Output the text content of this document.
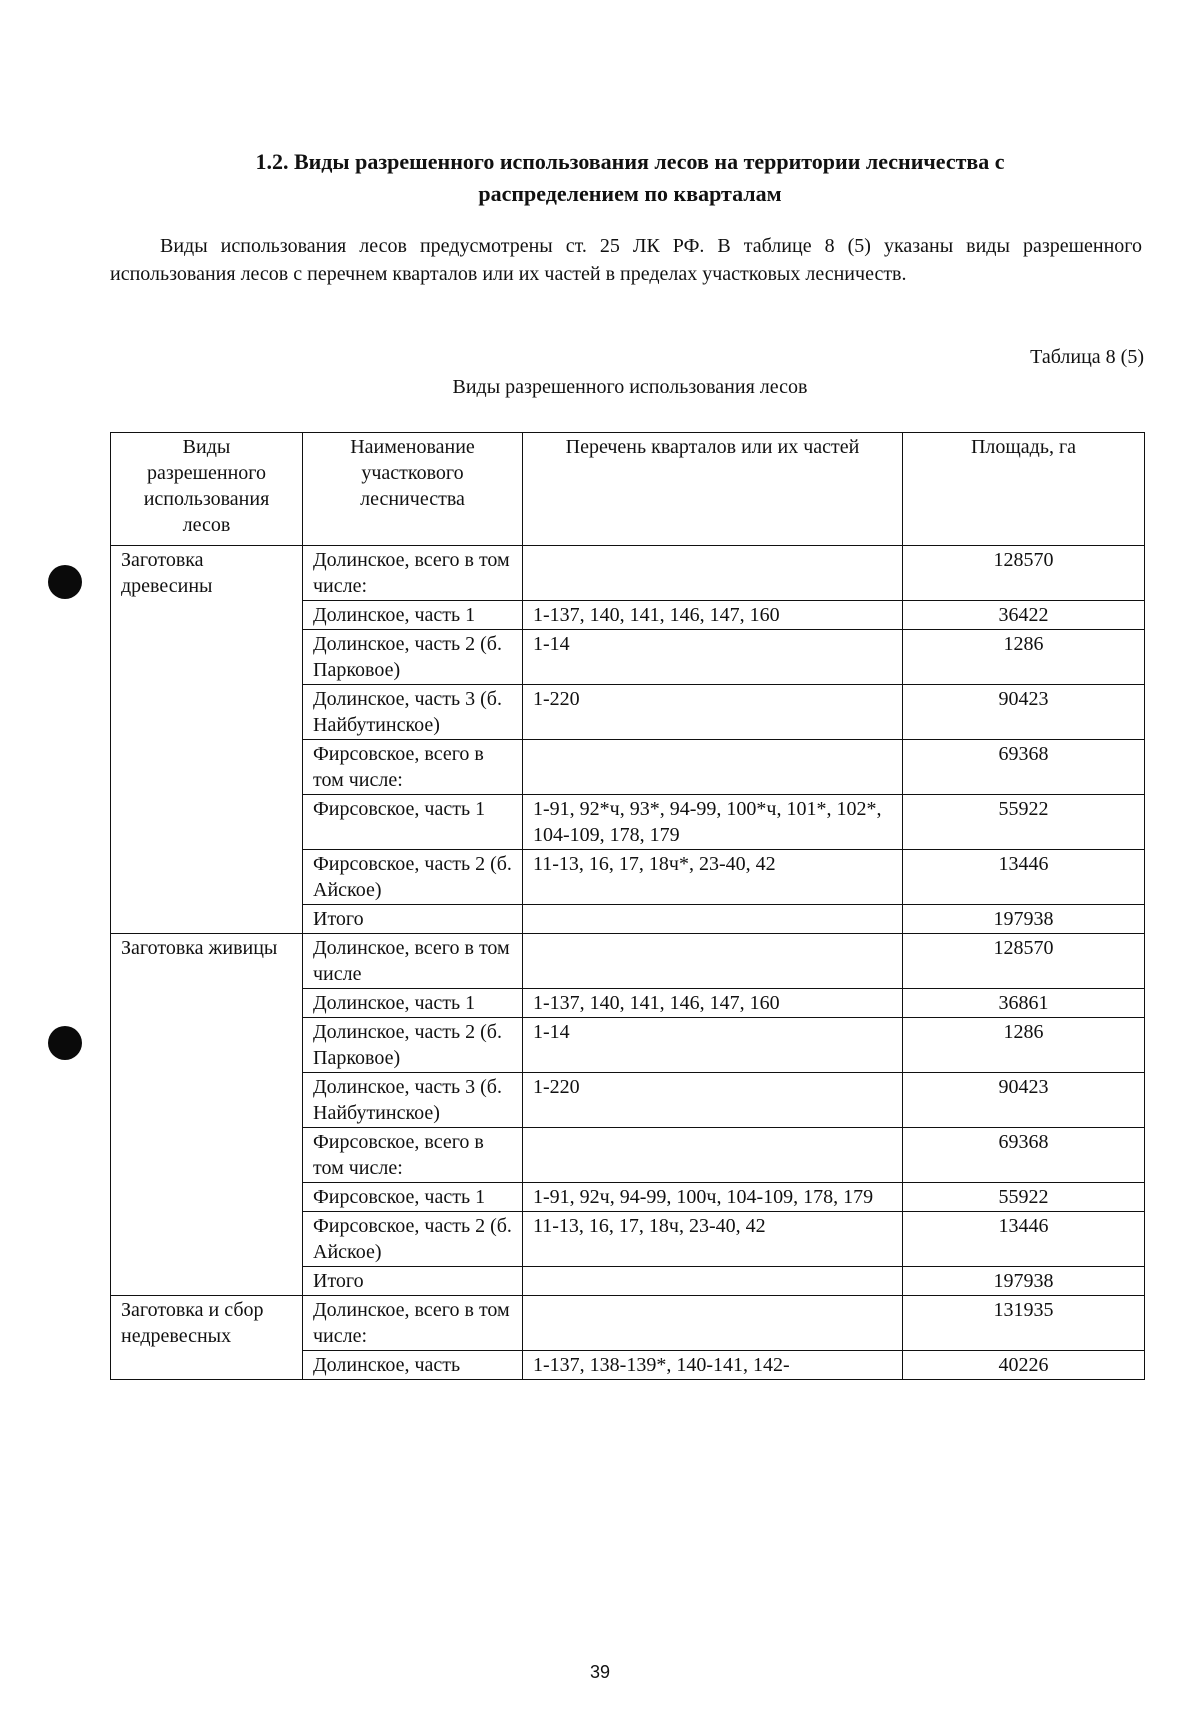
1.2. Виды разрешенного использования лесов на территории лесничества с
распределением по кварталам
Виды использования лесов предусмотрены ст. 25 ЛК РФ. В таблице 8 (5) указаны виды разрешенного использования лесов с перечнем кварталов или их частей в пределах участковых лесничеств.
Таблица 8 (5)
Виды разрешенного использования лесов
Виды разрешенного использования лесов	Наименование участкового лесничества	Перечень кварталов или их частей	Площадь, га
Заготовка древесины	Долинское, всего в том числе:		128570
	Долинское, часть 1	1-137, 140, 141, 146, 147, 160	36422
	Долинское, часть 2 (б. Парковое)	1-14	1286
	Долинское, часть 3 (б. Найбутинское)	1-220	90423
	Фирсовское, всего в том числе:		69368
	Фирсовское, часть 1	1-91, 92*ч, 93*, 94-99, 100*ч, 101*, 102*, 104-109, 178, 179	55922
	Фирсовское, часть 2 (б. Айское)	11-13, 16, 17, 18ч*, 23-40, 42	13446
	Итого		197938
Заготовка живицы	Долинское, всего в том числе		128570
	Долинское, часть 1	1-137, 140, 141, 146, 147, 160	36861
	Долинское, часть 2 (б. Парковое)	1-14	1286
	Долинское, часть 3 (б. Найбутинское)	1-220	90423
	Фирсовское, всего в том числе:		69368
	Фирсовское, часть 1	1-91, 92ч, 94-99, 100ч, 104-109, 178, 179	55922
	Фирсовское, часть 2 (б. Айское)	11-13, 16, 17, 18ч, 23-40, 42	13446
	Итого		197938
Заготовка и сбор недревесных	Долинское, всего в том числе:		131935
	Долинское, часть	1-137, 138-139*, 140-141, 142-	40226
39
